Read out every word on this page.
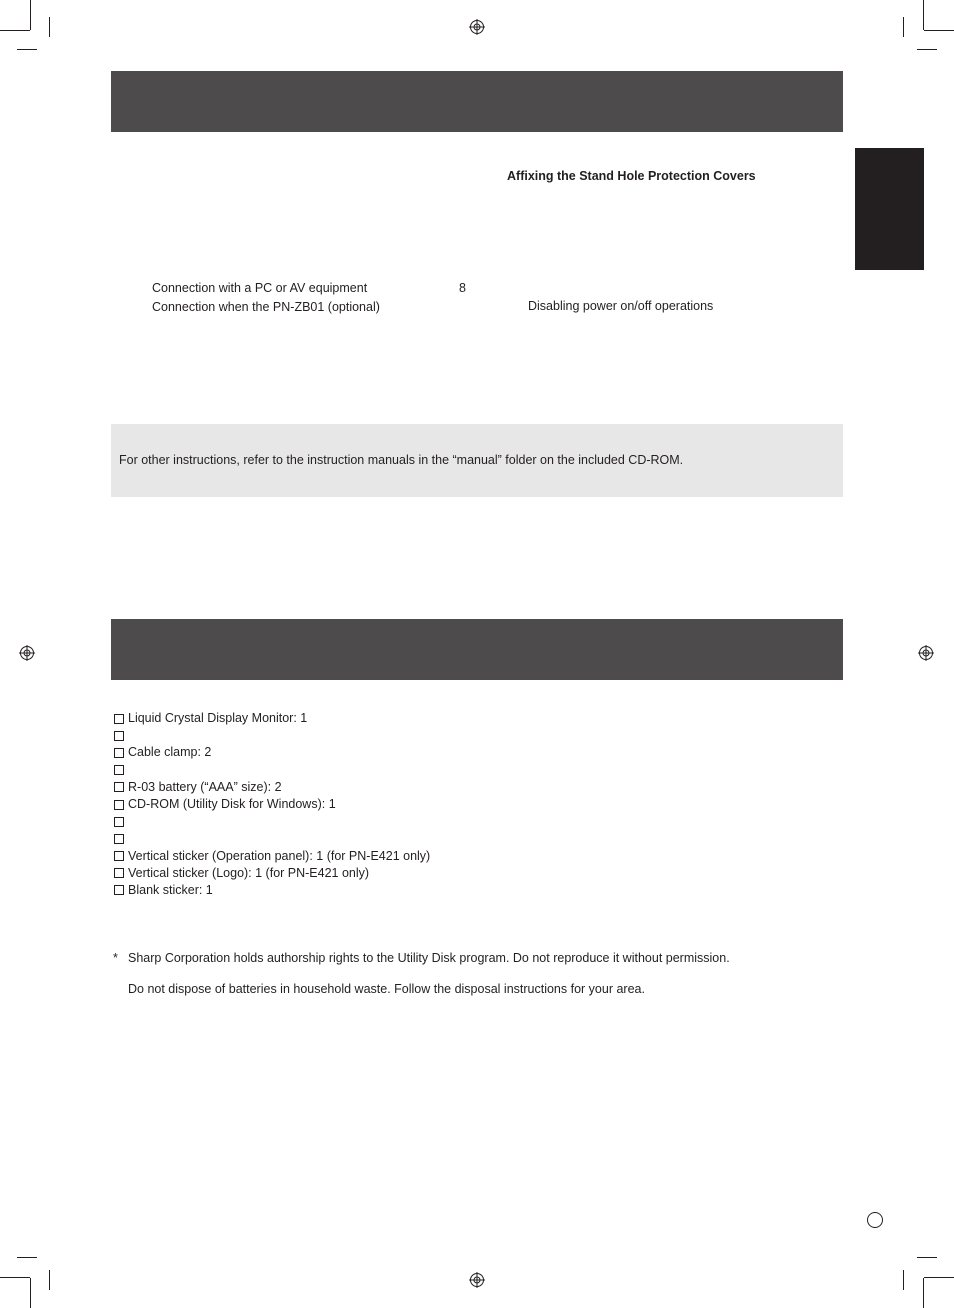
Affixing the Stand Hole Protection Covers
Connection with a PC or AV equipment	8
Connection when the PN-ZB01 (optional)	Disabling power on/off operations
For other instructions, refer to the instruction manuals in the “manual” folder on the included CD-ROM.
Liquid Crystal Display Monitor: 1
Cable clamp: 2
R-03 battery (“AAA” size): 2
CD-ROM (Utility Disk for Windows): 1
Vertical sticker (Operation panel): 1 (for PN-E421 only)
Vertical sticker (Logo): 1 (for PN-E421 only)
Blank sticker: 1
* Sharp Corporation holds authorship rights to the Utility Disk program. Do not reproduce it without permission.
Do not dispose of batteries in household waste. Follow the disposal instructions for your area.
